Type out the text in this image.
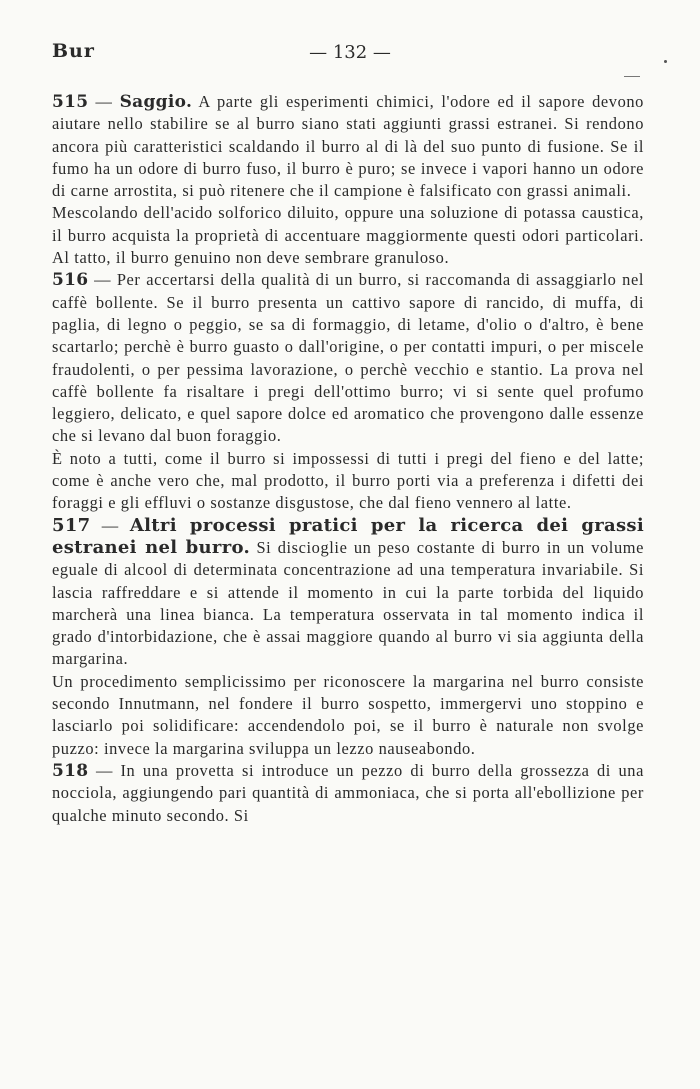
Bur	— 132 —

515 — Saggio. A parte gli esperimenti chimici, l'odore ed il sapore devono aiutare nello stabilire se al burro siano stati aggiunti grassi estranei. Si rendono ancora più caratteristici scaldando il burro al di là del suo punto di fusione. Se il fumo ha un odore di burro fuso, il burro è puro; se invece i vapori hanno un odore di carne arrostita, si può ritenere che il campione è falsificato con grassi animali.

Mescolando dell'acido solforico diluito, oppure una soluzione di potassa caustica, il burro acquista la proprietà di accentuare maggiormente questi odori particolari. Al tatto, il burro genuino non deve sembrare granuloso.

516 — Per accertarsi della qualità di un burro, si raccomanda di assaggiarlo nel caffè bollente. Se il burro presenta un cattivo sapore di rancido, di muffa, di paglia, di legno o peggio, se sa di formaggio, di letame, d'olio o d'altro, è bene scartarlo; perchè è burro guasto o dall'origine, o per contatti impuri, o per miscele fraudolenti, o per pessima lavorazione, o perchè vecchio e stantio. La prova nel caffè bollente fa risaltare i pregi dell'ottimo burro; vi si sente quel profumo leggiero, delicato, e quel sapore dolce ed aromatico che provengono dalle essenze che si levano dal buon foraggio.

È noto a tutti, come il burro si impossessi di tutti i pregi del fieno e del latte; come è anche vero che, mal prodotto, il burro porti via a preferenza i difetti dei foraggi e gli effluvi o sostanze disgustose, che dal fieno vennero al latte.

517 — Altri processi pratici per la ricerca dei grassi estranei nel burro. Si discioglie un peso costante di burro in un volume eguale di alcool di determinata concentrazione ad una temperatura invariabile. Si lascia raffreddare e si attende il momento in cui la parte torbida del liquido marcherà una linea bianca. La temperatura osservata in tal momento indica il grado d'intorbidazione, che è assai maggiore quando al burro vi sia aggiunta della margarina.

Un procedimento semplicissimo per riconoscere la margarina nel burro consiste secondo Innutmann, nel fondere il burro sospetto, immergervi uno stoppino e lasciarlo poi solidificare: accendendolo poi, se il burro è naturale non svolge puzzo: invece la margarina sviluppa un lezzo nauseabondo.

518 — In una provetta si introduce un pezzo di burro della grossezza di una nocciola, aggiungendo pari quantità di ammoniaca, che si porta all'ebollizione per qualche minuto secondo. Si
